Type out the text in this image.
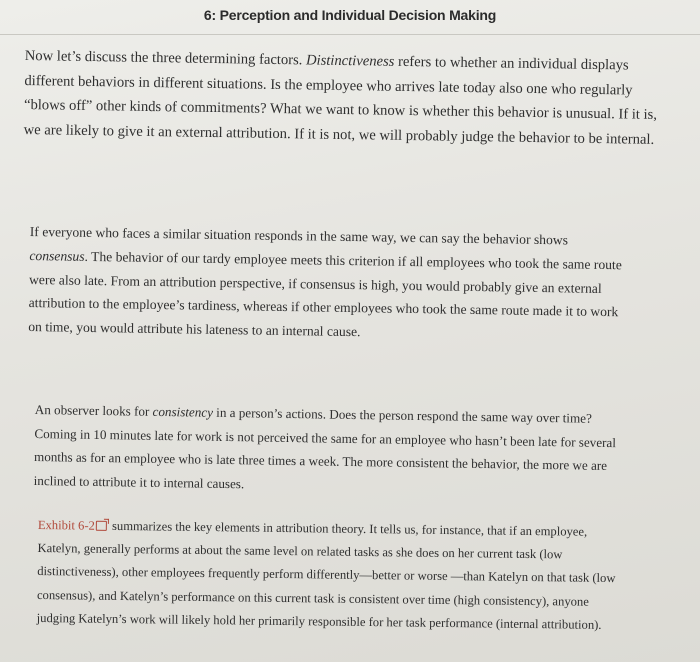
6: Perception and Individual Decision Making

Now let’s discuss the three determining factors. Distinctiveness refers to whether an individual displays different behaviors in different situations. Is the employee who arrives late today also one who regularly “blows off” other kinds of commitments? What we want to know is whether this behavior is unusual. If it is, we are likely to give it an external attribution. If it is not, we will probably judge the behavior to be internal.

If everyone who faces a similar situation responds in the same way, we can say the behavior shows consensus. The behavior of our tardy employee meets this criterion if all employees who took the same route were also late. From an attribution perspective, if consensus is high, you would probably give an external attribution to the employee’s tardiness, whereas if other employees who took the same route made it to work on time, you would attribute his lateness to an internal cause.

An observer looks for consistency in a person’s actions. Does the person respond the same way over time? Coming in 10 minutes late for work is not perceived the same for an employee who hasn’t been late for several months as for an employee who is late three times a week. The more consistent the behavior, the more we are inclined to attribute it to internal causes.

Exhibit 6-2 summarizes the key elements in attribution theory. It tells us, for instance, that if an employee, Katelyn, generally performs at about the same level on related tasks as she does on her current task (low distinctiveness), other employees frequently perform differently—better or worse —than Katelyn on that task (low consensus), and Katelyn’s performance on this current task is consistent over time (high consistency), anyone judging Katelyn’s work will likely hold her primarily responsible for her task performance (internal attribution).
